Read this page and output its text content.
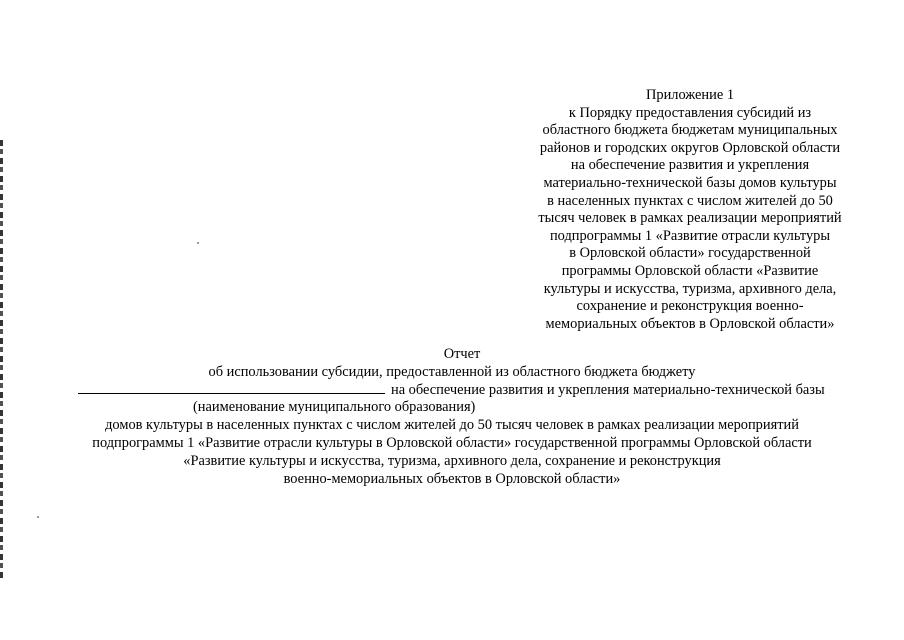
Приложение 1
к Порядку предоставления субсидий из
областного бюджета бюджетам муниципальных
районов и городских округов Орловской области
на обеспечение развития и укрепления
материально-технической базы домов культуры
в населенных пунктах с числом жителей до 50
тысяч человек в рамках реализации мероприятий
подпрограммы 1 «Развитие отрасли культуры
в Орловской области» государственной
программы Орловской области «Развитие
культуры и искусства, туризма, архивного дела,
сохранение и реконструкция военно-
мемориальных объектов в Орловской области»
Отчет
об использовании субсидии, предоставленной из областного бюджета бюджету
на обеспечение развития и укрепления материально-технической базы
(наименование муниципального образования)
домов культуры в населенных пунктах с числом жителей до 50 тысяч человек в рамках реализации мероприятий
подпрограммы 1 «Развитие отрасли культуры в Орловской области» государственной программы Орловской области
«Развитие культуры и искусства, туризма, архивного дела, сохранение и реконструкция
военно-мемориальных объектов в Орловской области»
